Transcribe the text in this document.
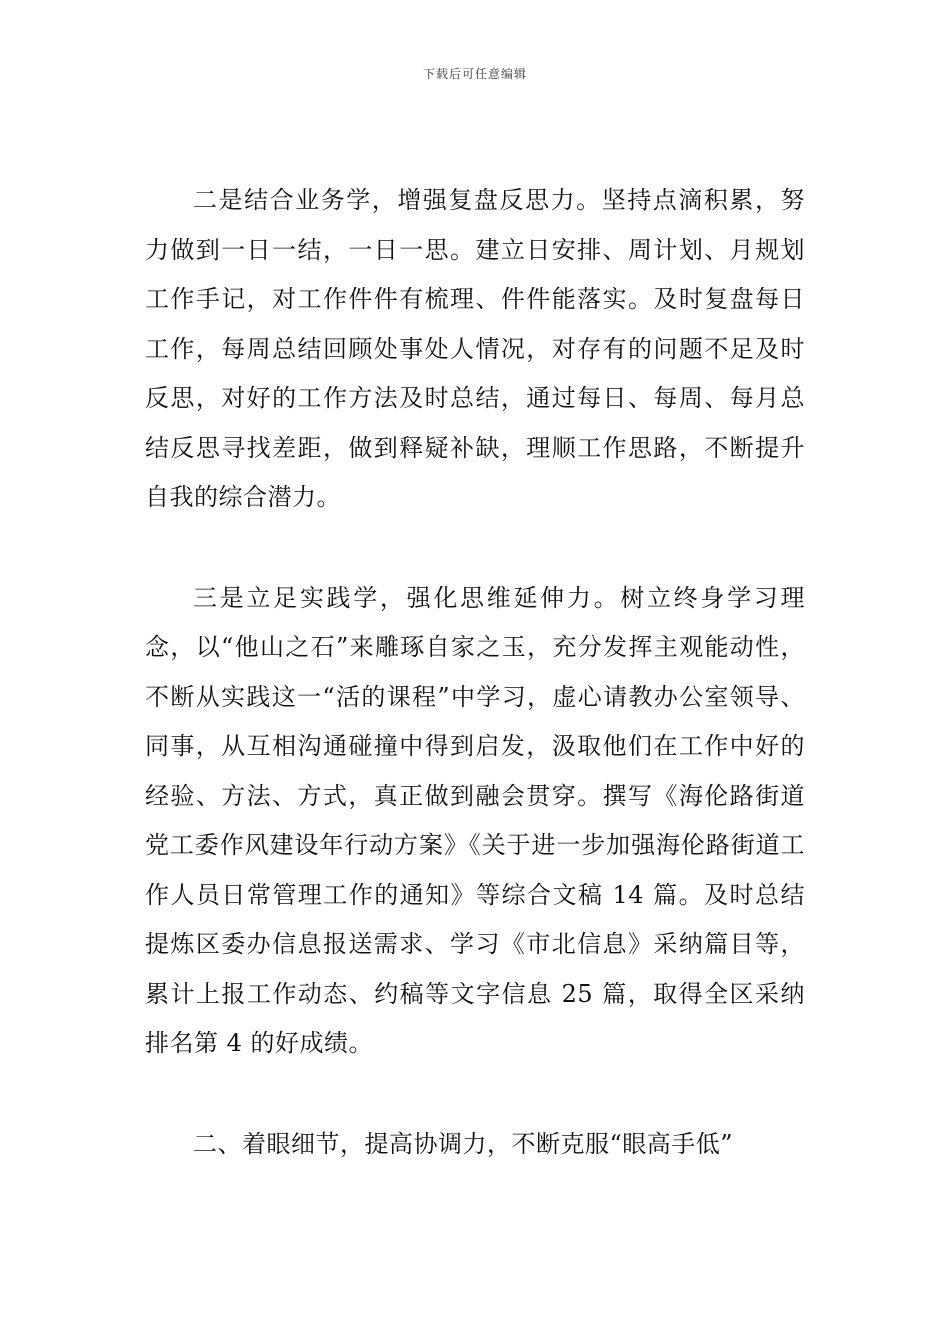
下载后可任意编辑

二是结合业务学，增强复盘反思力。坚持点滴积累，努力做到一日一结，一日一思。建立日安排、周计划、月规划工作手记，对工作件件有梳理、件件能落实。及时复盘每日工作，每周总结回顾处事处人情况，对存有的问题不足及时反思，对好的工作方法及时总结，通过每日、每周、每月总结反思寻找差距，做到释疑补缺，理顺工作思路，不断提升自我的综合潜力。

三是立足实践学，强化思维延伸力。树立终身学习理念，以“他山之石”来雕琢自家之玉，充分发挥主观能动性，不断从实践这一“活的课程”中学习，虚心请教办公室领导、同事，从互相沟通碰撞中得到启发，汲取他们在工作中好的经验、方法、方式，真正做到融会贯穿。撰写《海伦路街道党工委作风建设年行动方案》《关于进一步加强海伦路街道工作人员日常管理工作的通知》等综合文稿 14 篇。及时总结提炼区委办信息报送需求、学习《市北信息》采纳篇目等，累计上报工作动态、约稿等文字信息 25 篇，取得全区采纳排名第 4 的好成绩。

二、着眼细节，提高协调力，不断克服“眼高手低”
